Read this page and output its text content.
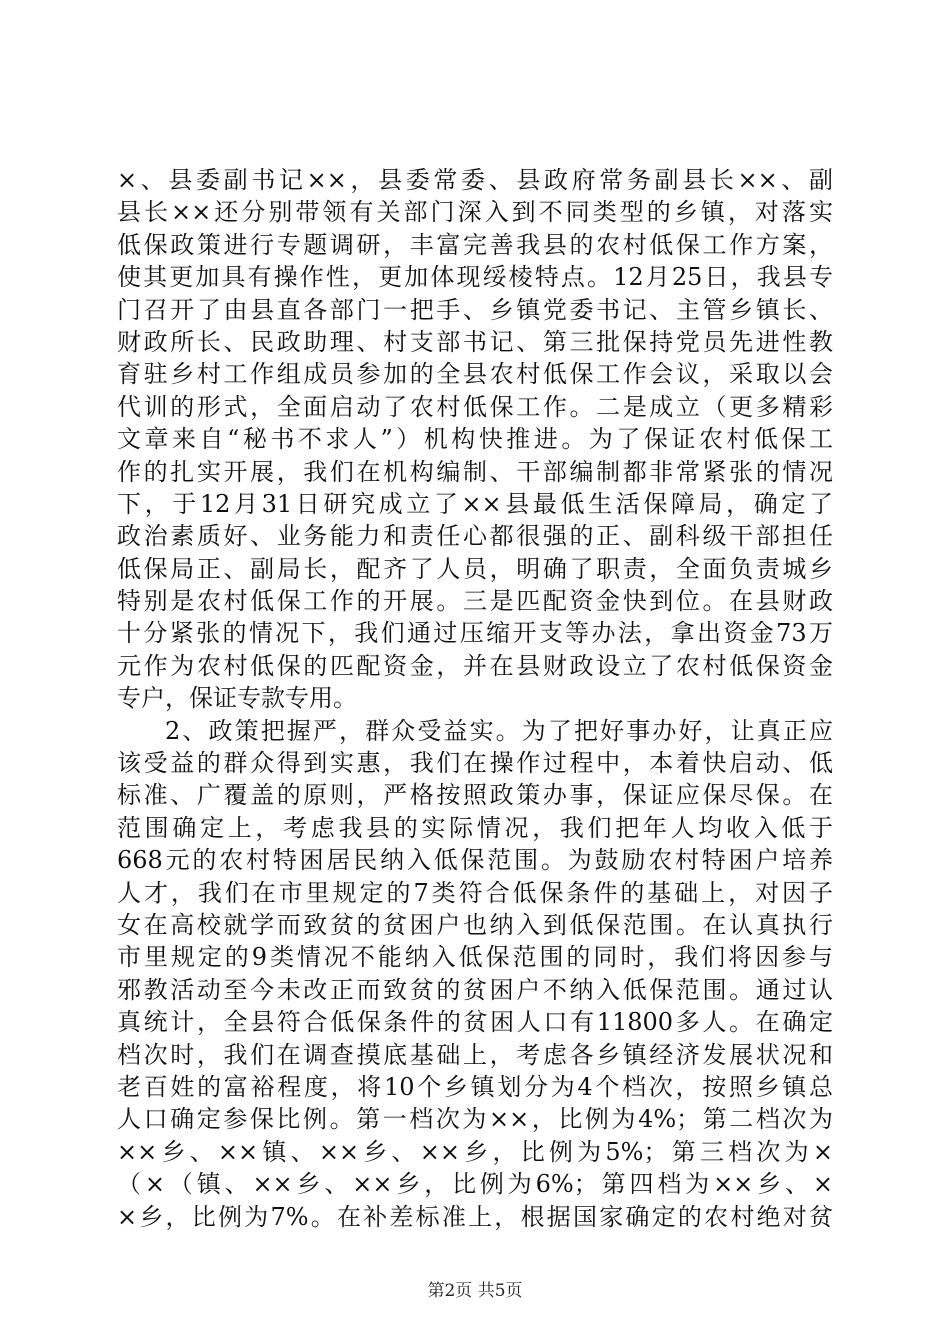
×、县委副书记××，县委常委、县政府常务副县长××、副
县长××还分别带领有关部门深入到不同类型的乡镇，对落实
低保政策进行专题调研，丰富完善我县的农村低保工作方案，
使其更加具有操作性，更加体现绥棱特点。12月25日，我县专
门召开了由县直各部门一把手、乡镇党委书记、主管乡镇长、
财政所长、民政助理、村支部书记、第三批保持党员先进性教
育驻乡村工作组成员参加的全县农村低保工作会议，采取以会
代训的形式，全面启动了农村低保工作。二是成立（更多精彩
文章来自“秘书不求人”）机构快推进。为了保证农村低保工
作的扎实开展，我们在机构编制、干部编制都非常紧张的情况
下，于12月31日研究成立了××县最低生活保障局，确定了
政治素质好、业务能力和责任心都很强的正、副科级干部担任
低保局正、副局长，配齐了人员，明确了职责，全面负责城乡
特别是农村低保工作的开展。三是匹配资金快到位。在县财政
十分紧张的情况下，我们通过压缩开支等办法，拿出资金73万
元作为农村低保的匹配资金，并在县财政设立了农村低保资金
专户，保证专款专用。
2、政策把握严，群众受益实。为了把好事办好，让真正应
该受益的群众得到实惠，我们在操作过程中，本着快启动、低
标准、广覆盖的原则，严格按照政策办事，保证应保尽保。在
范围确定上，考虑我县的实际情况，我们把年人均收入低于
668元的农村特困居民纳入低保范围。为鼓励农村特困户培养
人才，我们在市里规定的7类符合低保条件的基础上，对因子
女在高校就学而致贫的贫困户也纳入到低保范围。在认真执行
市里规定的9类情况不能纳入低保范围的同时，我们将因参与
邪教活动至今未改正而致贫的贫困户不纳入低保范围。通过认
真统计，全县符合低保条件的贫困人口有11800多人。在确定
档次时，我们在调查摸底基础上，考虑各乡镇经济发展状况和
老百姓的富裕程度，将10个乡镇划分为4个档次，按照乡镇总
人口确定参保比例。第一档次为××，比例为4%；第二档次为
××乡、××镇、××乡、××乡，比例为5%；第三档次为×
（×（镇、××乡、××乡，比例为6%；第四档为××乡、×
×乡，比例为7%。在补差标准上，根据国家确定的农村绝对贫
第2页 共5页
